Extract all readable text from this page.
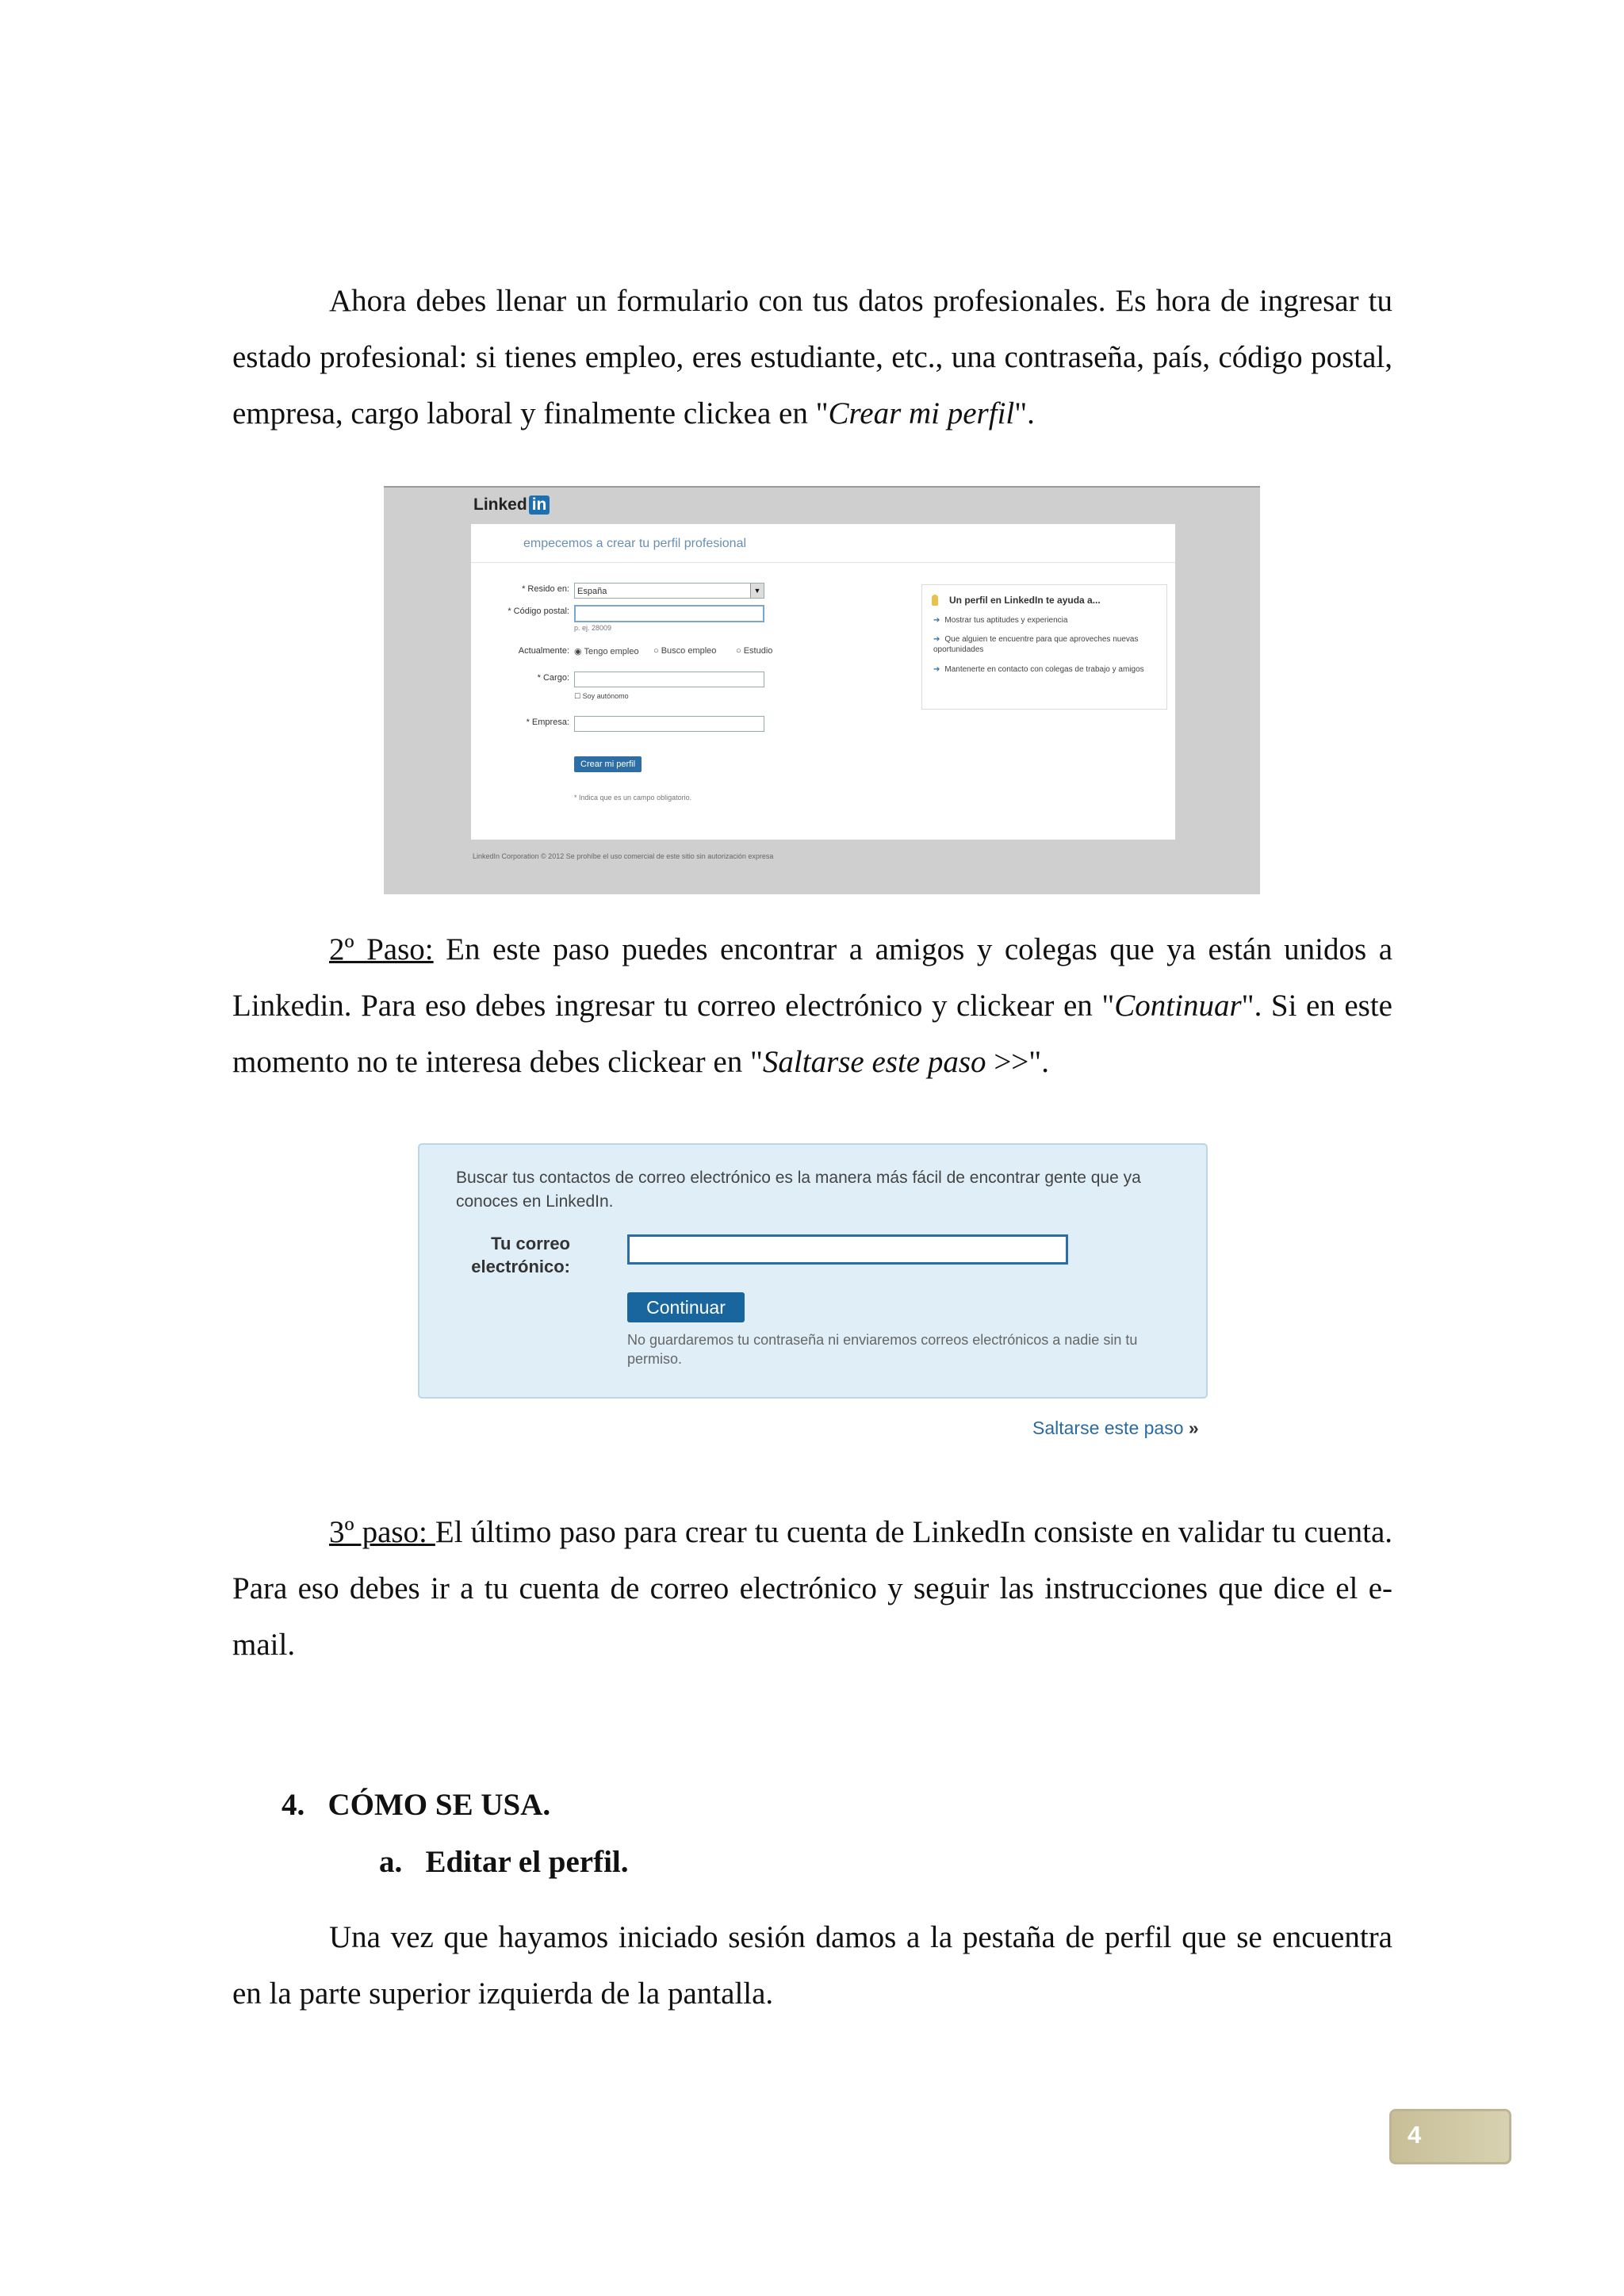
Ahora debes llenar un formulario con tus datos profesionales. Es hora de ingresar tu estado profesional: si tienes empleo, eres estudiante, etc., una contraseña, país, código postal, empresa, cargo laboral y finalmente clickea en "Crear mi perfil".
Linked in
empecemos a crear tu perfil profesional
* Resido en: España	▼
* Código postal:
p. ej. 28009
Actualmente: ◉ Tengo empleo ○ Busco empleo ○ Estudio
* Cargo:
☐ Soy autónomo
* Empresa:
Crear mi perfil
* Indica que es un campo obligatorio.
Un perfil en LinkedIn te ayuda a...
➔ Mostrar tus aptitudes y experiencia
➔ Que alguien te encuentre para que aproveches nuevas oportunidades
➔ Mantenerte en contacto con colegas de trabajo y amigos
LinkedIn Corporation © 2012 Se prohíbe el uso comercial de este sitio sin autorización expresa
2º Paso: En este paso puedes encontrar a amigos y colegas que ya están unidos a Linkedin. Para eso debes ingresar tu correo electrónico y clickear en "Continuar". Si en este momento no te interesa debes clickear en "Saltarse este paso >>".
Buscar tus contactos de correo electrónico es la manera más fácil de encontrar gente que ya conoces en LinkedIn.
Tu correo electrónico:
Continuar
No guardaremos tu contraseña ni enviaremos correos electrónicos a nadie sin tu permiso.
Saltarse este paso »
3º paso: El último paso para crear tu cuenta de LinkedIn consiste en validar tu cuenta. Para eso debes ir a tu cuenta de correo electrónico y seguir las instrucciones que dice el e-mail.
4. CÓMO SE USA.
a. Editar el perfil.
Una vez que hayamos iniciado sesión damos a la pestaña de perfil que se encuentra en la parte superior izquierda de la pantalla.
4
